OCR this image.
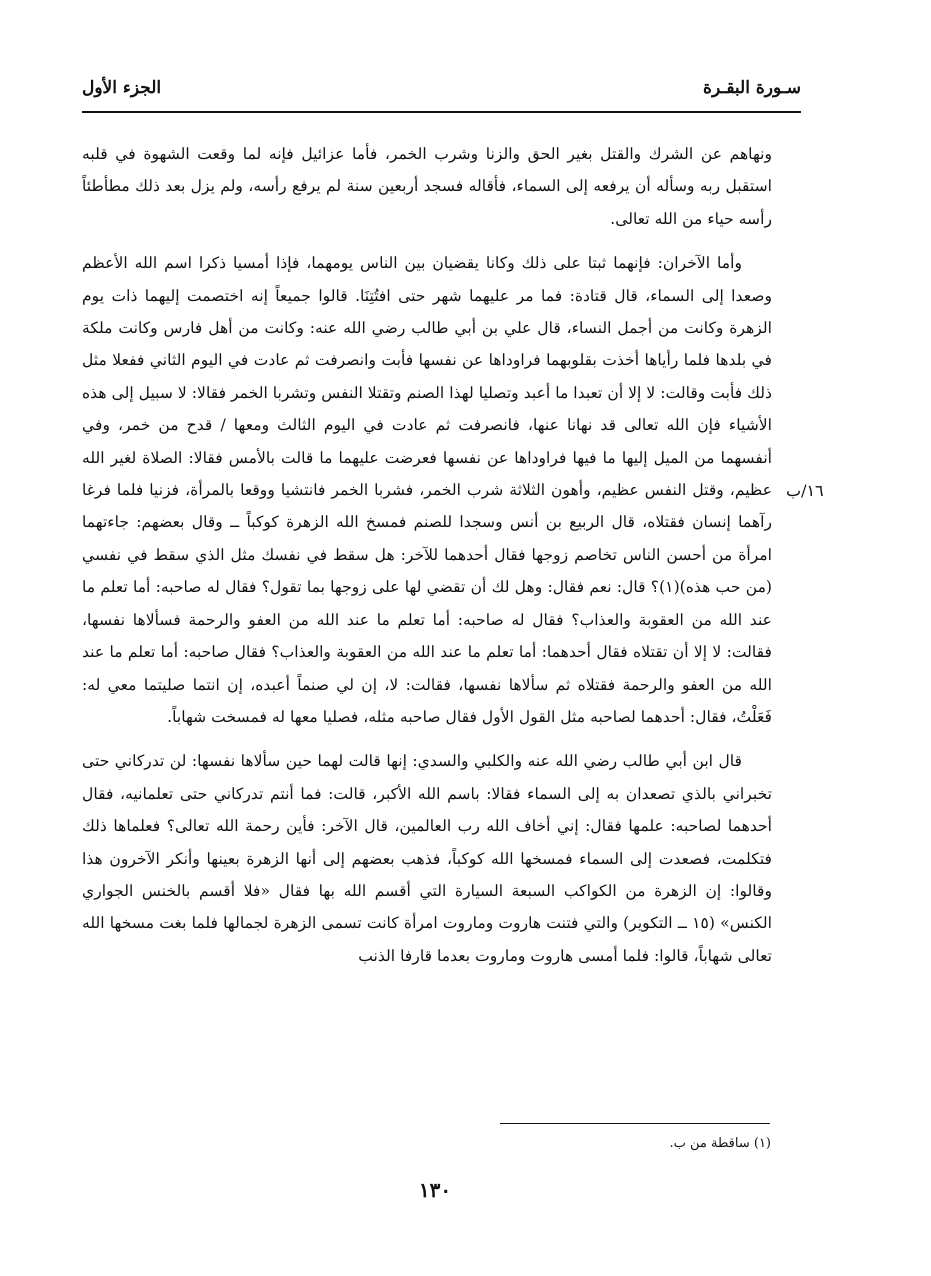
الجزء الأول	سـورة البقـرة

ونهاهم عن الشرك والقتل بغير الحق والزنا وشرب الخمر، فأما عزائيل فإنه لما وقعت الشهوة في قلبه استقبل ربه وسأله أن يرفعه إلى السماء، فأقاله فسجد أربعين سنة لم يرفع رأسه، ولم يزل بعد ذلك مطأطئاً رأسه حياء من الله تعالى.

وأما الآخران: فإنهما ثبتا على ذلك وكانا يقضيان بين الناس يومهما، فإذا أمسيا ذكرا اسم الله الأعظم وصعدا إلى السماء، قال قتادة: فما مر عليهما شهر حتى افتُتِنَا. قالوا جميعاً إنه اختصمت إليهما ذات يوم الزهرة وكانت من أجمل النساء، قال علي بن أبي طالب رضي الله عنه: وكانت من أهل فارس وكانت ملكة في بلدها فلما رأياها أخذت بقلوبهما فراوداها عن نفسها فأبت وانصرفت ثم عادت في اليوم الثاني ففعلا مثل ذلك فأبت وقالت: لا إلا أن تعبدا ما أعبد وتصليا لهذا الصنم وتقتلا النفس وتشربا الخمر فقالا: لا سبيل إلى هذه الأشياء فإن الله تعالى قد نهانا عنها، فانصرفت ثم عادت في اليوم الثالث ومعها / قدح من خمر، وفي أنفسهما من الميل إليها ما فيها فراوداها عن نفسها فعرضت عليهما ما قالت بالأمس فقالا: الصلاة لغير الله عظيم، وقتل النفس عظيم، وأهون الثلاثة شرب الخمر، فشربا الخمر فانتشيا ووقعا بالمرأة، فزنيا فلما فرغا رآهما إنسان فقتلاه، قال الربيع بن أنس وسجدا للصنم فمسخ الله الزهرة كوكباً ــ وقال بعضهم: جاءتهما امرأة من أحسن الناس تخاصم زوجها فقال أحدهما للآخر: هل سقط في نفسك مثل الذي سقط في نفسي (من حب هذه)(١)؟ قال: نعم فقال: وهل لك أن تقضي لها على زوجها بما تقول؟ فقال له صاحبه: أما تعلم ما عند الله من العقوبة والعذاب؟ فقال له صاحبه: أما تعلم ما عند الله من العفو والرحمة فسألاها نفسها، فقالت: لا إلا أن تقتلاه فقال أحدهما: أما تعلم ما عند الله من العقوبة والعذاب؟ فقال صاحبه: أما تعلم ما عند الله من العفو والرحمة فقتلاه ثم سألاها نفسها، فقالت: لا، إن لي صنماً أعبده، إن انتما صليتما معي له: فَعَلْتُ، فقال: أحدهما لصاحبه مثل القول الأول فقال صاحبه مثله، فصليا معها له فمسخت شهاباً.

قال ابن أبي طالب رضي الله عنه والكلبي والسدي: إنها قالت لهما حين سألاها نفسها: لن تدركاني حتى تخبراني بالذي تصعدان به إلى السماء فقالا: باسم الله الأكبر، قالت: فما أنتم تدركاني حتى تعلمانيه، فقال أحدهما لصاحبه: علمها فقال: إني أخاف الله رب العالمين، قال الآخر: فأين رحمة الله تعالى؟ فعلماها ذلك فتكلمت، فصعدت إلى السماء فمسخها الله كوكباً، فذهب بعضهم إلى أنها الزهرة بعينها وأنكر الآخرون هذا وقالوا: إن الزهرة من الكواكب السبعة السيارة التي أقسم الله بها فقال «فلا أقسم بالخنس الجواري الكنس» (١٥ ــ التكوير) والتي فتنت هاروت وماروت امرأة كانت تسمى الزهرة لجمالها فلما بغت مسخها الله تعالى شهاباً، قالوا: فلما أمسى هاروت وماروت بعدما قارفا الذنب

١٦/ب
(١) ساقطة من ب.
١٣٠
